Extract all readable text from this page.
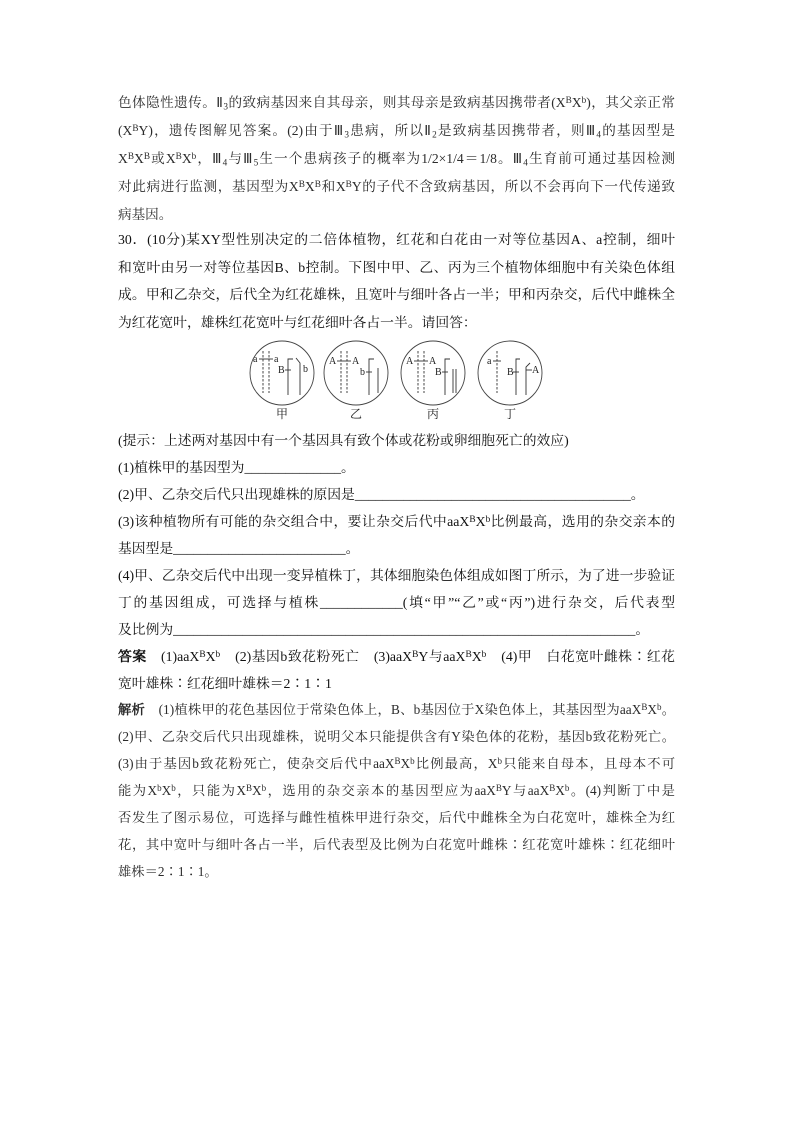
色体隐性遗传。$Ⅱ_3$的致病基因来自其母亲，则其母亲是致病基因携带者$(X^BX^b)$，其父亲正常
$(X^BY)$，遗传图解见答案。(2)由于$Ⅲ_3$患病，所以$Ⅱ_2$是致病基因携带者，则$Ⅲ_4$的基因型是
$X^BX^B$或$X^BX^b$，$Ⅲ_4$与$Ⅲ_5$生一个患病孩子的概率为1/2×1/4＝1/8。$Ⅲ_4$生育前可通过基因检测
对此病进行监测，基因型为$X^BX^B$和$X^BY$的子代不含致病基因，所以不会再向下一代传递致
病基因。
30．(10分)某XY型性别决定的二倍体植物，红花和白花由一对等位基因A、a控制，细叶
和宽叶由另一对等位基因B、b控制。下图中甲、乙、丙为三个植物体细胞中有关染色体组
成。甲和乙杂交，后代全为红花雄株，且宽叶与细叶各占一半；甲和丙杂交，后代中雌株全
为红花宽叶，雄株红花宽叶与红花细叶各占一半。请回答：
a a
B b
甲
A A
b
乙
A A
B
丙
a
B A
丁
(提示：上述两对基因中有一个基因具有致个体或花粉或卵细胞死亡的效应)
(1)植株甲的基因型为______________。
(2)甲、乙杂交后代只出现雄株的原因是________________________________________。
(3)该种植物所有可能的杂交组合中，要让杂交后代中$aaX^BX^b$比例最高，选用的杂交亲本的
基因型是_________________________。
(4)甲、乙杂交后代中出现一变异植株丁，其体细胞染色体组成如图丁所示，为了进一步验证
丁的基因组成，可选择与植株____________(填“甲”“乙”或“丙”)进行杂交，后代表型
及比例为___________________________________________________________________。
答案　$(1)aaX^BX^b$　(2)基因b致花粉死亡　(3)aaX$^B$Y与$aaX^BX^b$　(4)甲　白花宽叶雌株∶红花
宽叶雄株∶红花细叶雄株＝2∶1∶1
解析　(1)植株甲的花色基因位于常染色体上，B、b基因位于X染色体上，其基因型为$aaX^BX^b$。
(2)甲、乙杂交后代只出现雄株，说明父本只能提供含有Y染色体的花粉，基因b致花粉死亡。
(3)由于基因b致花粉死亡，使杂交后代中$aaX^BX^b$比例最高，$X^b$只能来自母本，且母本不可
能为$X^bX^b$，只能为$X^BX^b$，选用的杂交亲本的基因型应为aaX$^B$Y与$aaX^BX^b$。(4)判断丁中是
否发生了图示易位，可选择与雌性植株甲进行杂交，后代中雌株全为白花宽叶，雄株全为红
花，其中宽叶与细叶各占一半，后代表型及比例为白花宽叶雌株∶红花宽叶雄株∶红花细叶
雄株＝2∶1∶1。
